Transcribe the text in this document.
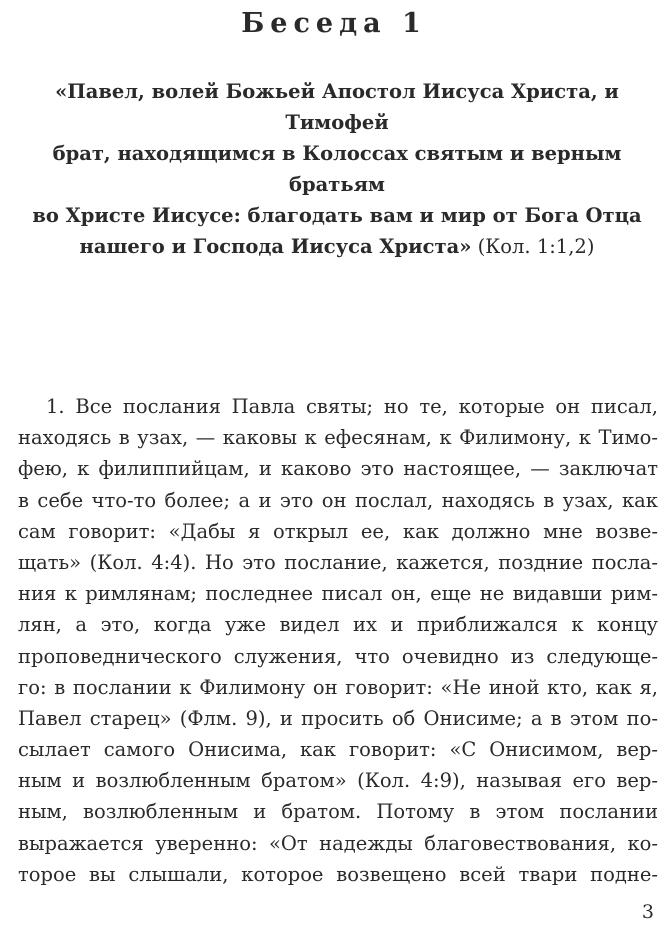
Беседа 1
«Павел, волей Божьей Апостол Иисуса Христа, и Тимофей
брат, находящимся в Колоссах святым и верным братьям
во Христе Иисусе: благодать вам и мир от Бога Отца
нашего и Господа Иисуса Христа» (Кол. 1:1,2)
1. Все послания Павла святы; но те, которые он писал,
находясь в узах, — каковы к ефесянам, к Филимону, к Тимо-
фею, к филиппийцам, и каково это настоящее, — заключат
в себе что-то более; а и это он послал, находясь в узах, как
сам говорит: «Дабы я открыл ее, как должно мне возве-
щать» (Кол. 4:4). Но это послание, кажется, поздние посла-
ния к римлянам; последнее писал он, еще не видавши рим-
лян, а это, когда уже видел их и приближался к концу
проповеднического служения, что очевидно из следующе-
го: в послании к Филимону он говорит: «Не иной кто, как я,
Павел старец» (Флм. 9), и просить об Онисиме; а в этом по-
сылает самого Онисима, как говорит: «С Онисимом, вер-
ным и возлюбленным братом» (Кол. 4:9), называя его вер-
ным, возлюбленным и братом. Потому в этом послании
выражается уверенно: «От надежды благовествования, ко-
торое вы слышали, которое возвещено всей твари подне-
3
